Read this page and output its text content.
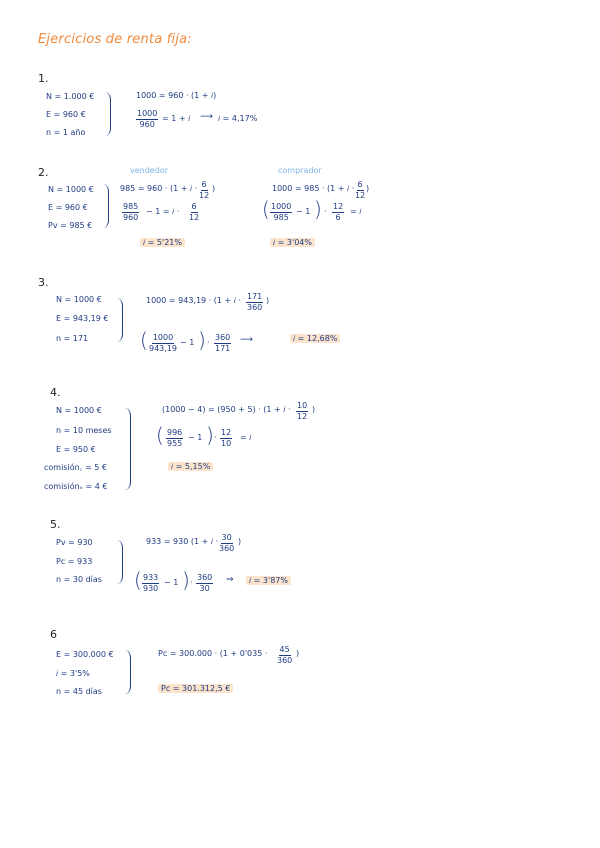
Ejercicios de renta fija:
1.
N = 1.000 €
E = 960 €
n = 1 año
1000 = 960 · (1 + 𝑖)
$\frac{1000}{960} = 1$ + 𝑖 ⟶ 𝑖 = 4,17%
2.	vendedor	comprador
N = 1000 €
E = 960 €
Pv = 985 €
985 = 960 · (1 + 𝑖 · $\frac{6}{12}$ )
$\frac{985}{960} - 1$ = 𝑖 · $\frac{6}{12}$
𝑖 = 5'21%
1000 = 985 · (1 + 𝑖 · $\frac{6}{12}$ )
( $\frac{1000}{985} - 1$ ) · $\frac{12}{6}$ = 𝑖
𝑖 = 3'04%
3.
N = 1000 €
E = 943,19 €
n = 171
1000 = 943,19 · (1 + 𝑖 · $\frac{171}{360}$ )
( $\frac{1000}{943,19} - 1$ ) · $\frac{360}{171}$ ⟶	𝑖 = 12,68%
4.
N = 1000 €
n = 10 meses
E = 950 €
comisión꜀ = 5 €
comisiónᵥ = 4 €
(1000 − 4) = (950 + 5) · (1 + 𝑖 · $\frac{10}{12}$ )
( $\frac{996}{955} - 1$ ) · $\frac{12}{10}$ = 𝑖
𝑖 = 5,15%
5.
Pv = 930
Pc = 933
n = 30 días
933 = 930 (1 + 𝑖 · $\frac{30}{360}$ )
( $\frac{933}{930} - 1$ ) · $\frac{360}{30}$ ⇒	𝑖 = 3'87%
6
E = 300.000 €
𝑖 = 3'5%
n = 45 días
$Pc = 300.000 \cdot (1 + 0'035 \cdot \frac{45}{360}$ )
Pc = 301.312,5 €
